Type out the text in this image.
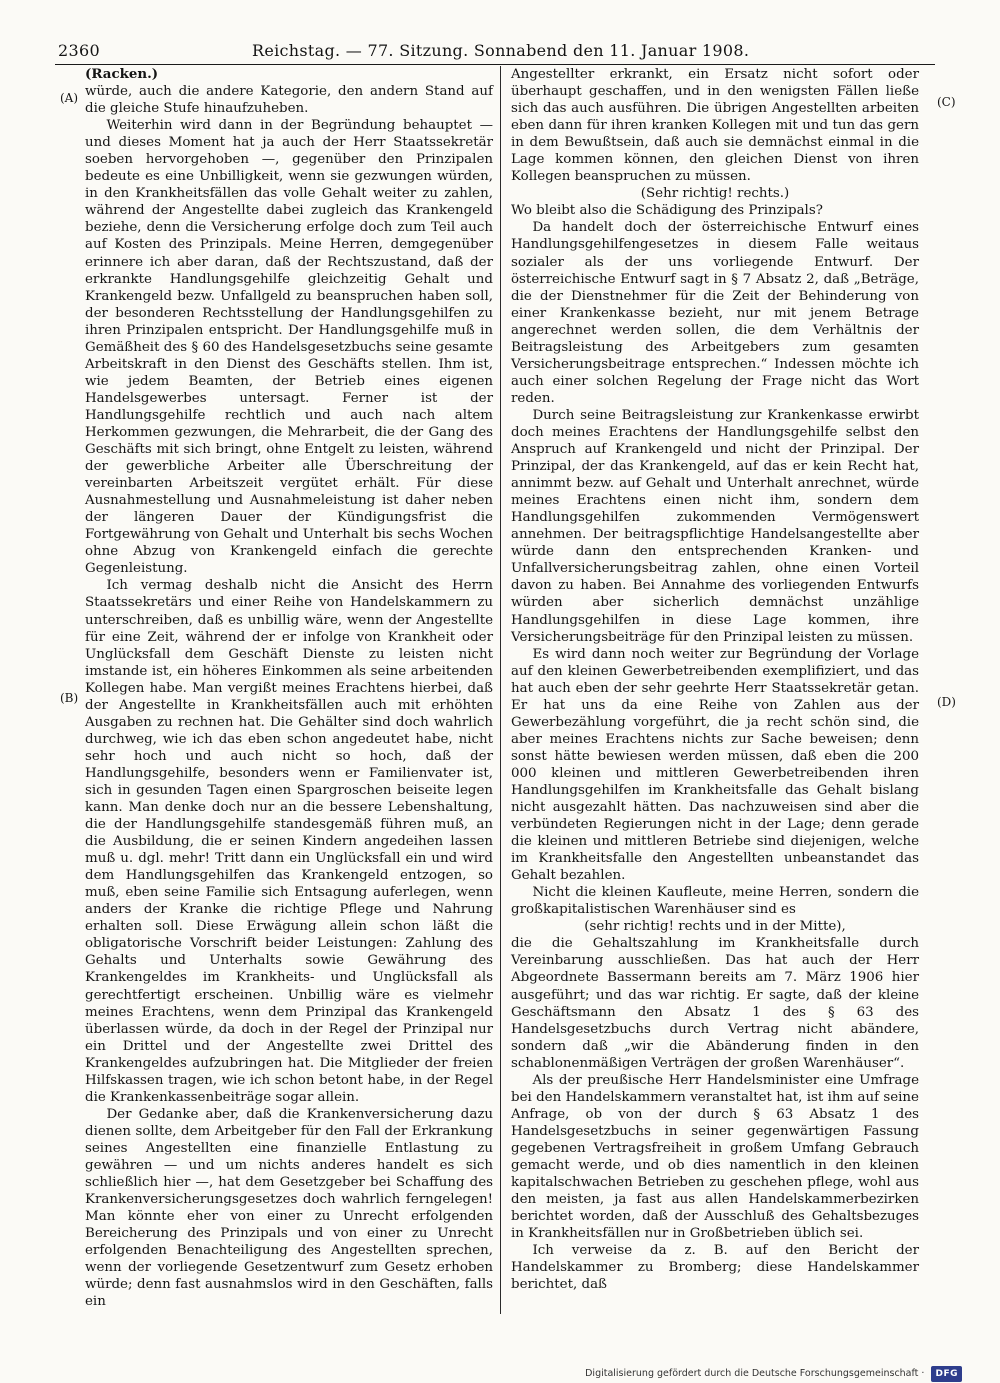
2360	Reichstag. — 77. Sitzung. Sonnabend den 11. Januar 1908.
(A)
(B)
(C)
(D)

(Racken.)

würde, auch die andere Kategorie, den andern Stand auf die gleiche Stufe hinaufzuheben.

Weiterhin wird dann in der Begründung behauptet — und dieses Moment hat ja auch der Herr Staatssekretär soeben hervorgehoben —, gegenüber den Prinzipalen bedeute es eine Unbilligkeit, wenn sie gezwungen würden, in den Krankheitsfällen das volle Gehalt weiter zu zahlen, während der Angestellte dabei zugleich das Krankengeld beziehe, denn die Versicherung erfolge doch zum Teil auch auf Kosten des Prinzipals. Meine Herren, demgegenüber erinnere ich aber daran, daß der Rechtszustand, daß der erkrankte Handlungsgehilfe gleichzeitig Gehalt und Krankengeld bezw. Unfallgeld zu beanspruchen haben soll, der besonderen Rechtsstellung der Handlungsgehilfen zu ihren Prinzipalen entspricht. Der Handlungsgehilfe muß in Gemäßheit des § 60 des Handelsgesetzbuchs seine gesamte Arbeitskraft in den Dienst des Geschäfts stellen. Ihm ist, wie jedem Beamten, der Betrieb eines eigenen Handelsgewerbes untersagt. Ferner ist der Handlungsgehilfe rechtlich und auch nach altem Herkommen gezwungen, die Mehrarbeit, die der Gang des Geschäfts mit sich bringt, ohne Entgelt zu leisten, während der gewerbliche Arbeiter alle Überschreitung der vereinbarten Arbeitszeit vergütet erhält. Für diese Ausnahmestellung und Ausnahmeleistung ist daher neben der längeren Dauer der Kündigungsfrist die Fortgewährung von Gehalt und Unterhalt bis sechs Wochen ohne Abzug von Krankengeld einfach die gerechte Gegenleistung.

Ich vermag deshalb nicht die Ansicht des Herrn Staatssekretärs und einer Reihe von Handelskammern zu unterschreiben, daß es unbillig wäre, wenn der Angestellte für eine Zeit, während der er infolge von Krankheit oder Unglücksfall dem Geschäft Dienste zu leisten nicht imstande ist, ein höheres Einkommen als seine arbeitenden Kollegen habe. Man vergißt meines Erachtens hierbei, daß der Angestellte in Krankheitsfällen auch mit erhöhten Ausgaben zu rechnen hat. Die Gehälter sind doch wahrlich durchweg, wie ich das eben schon angedeutet habe, nicht sehr hoch und auch nicht so hoch, daß der Handlungsgehilfe, besonders wenn er Familienvater ist, sich in gesunden Tagen einen Spargroschen beiseite legen kann. Man denke doch nur an die bessere Lebenshaltung, die der Handlungsgehilfe standesgemäß führen muß, an die Ausbildung, die er seinen Kindern angedeihen lassen muß u. dgl. mehr! Tritt dann ein Unglücksfall ein und wird dem Handlungsgehilfen das Krankengeld entzogen, so muß, eben seine Familie sich Entsagung auferlegen, wenn anders der Kranke die richtige Pflege und Nahrung erhalten soll. Diese Erwägung allein schon läßt die obligatorische Vorschrift beider Leistungen: Zahlung des Gehalts und Unterhalts sowie Gewährung des Krankengeldes im Krankheits- und Unglücksfall als gerechtfertigt erscheinen. Unbillig wäre es vielmehr meines Erachtens, wenn dem Prinzipal das Krankengeld überlassen würde, da doch in der Regel der Prinzipal nur ein Drittel und der Angestellte zwei Drittel des Krankengeldes aufzubringen hat. Die Mitglieder der freien Hilfskassen tragen, wie ich schon betont habe, in der Regel die Krankenkassenbeiträge sogar allein.

Der Gedanke aber, daß die Krankenversicherung dazu dienen sollte, dem Arbeitgeber für den Fall der Erkrankung seines Angestellten eine finanzielle Entlastung zu gewähren — und um nichts anderes handelt es sich schließlich hier —, hat dem Gesetzgeber bei Schaffung des Krankenversicherungsgesetzes doch wahrlich ferngelegen! Man könnte eher von einer zu Unrecht erfolgenden Bereicherung des Prinzipals und von einer zu Unrecht erfolgenden Benachteiligung des Angestellten sprechen, wenn der vorliegende Gesetzentwurf zum Gesetz erhoben würde; denn fast ausnahmslos wird in den Geschäften, falls ein

Angestellter erkrankt, ein Ersatz nicht sofort oder überhaupt geschaffen, und in den wenigsten Fällen ließe sich das auch ausführen. Die übrigen Angestellten arbeiten eben dann für ihren kranken Kollegen mit und tun das gern in dem Bewußtsein, daß auch sie demnächst einmal in die Lage kommen können, den gleichen Dienst von ihren Kollegen beanspruchen zu müssen.

(Sehr richtig! rechts.)

Wo bleibt also die Schädigung des Prinzipals?

Da handelt doch der österreichische Entwurf eines Handlungsgehilfengesetzes in diesem Falle weitaus sozialer als der uns vorliegende Entwurf. Der österreichische Entwurf sagt in § 7 Absatz 2, daß „Beträge, die der Dienstnehmer für die Zeit der Behinderung von einer Krankenkasse bezieht, nur mit jenem Betrage angerechnet werden sollen, die dem Verhältnis der Beitragsleistung des Arbeitgebers zum gesamten Versicherungsbeitrage entsprechen.“ Indessen möchte ich auch einer solchen Regelung der Frage nicht das Wort reden.

Durch seine Beitragsleistung zur Krankenkasse erwirbt doch meines Erachtens der Handlungsgehilfe selbst den Anspruch auf Krankengeld und nicht der Prinzipal. Der Prinzipal, der das Krankengeld, auf das er kein Recht hat, annimmt bezw. auf Gehalt und Unterhalt anrechnet, würde meines Erachtens einen nicht ihm, sondern dem Handlungsgehilfen zukommenden Vermögenswert annehmen. Der beitragspflichtige Handelsangestellte aber würde dann den entsprechenden Kranken- und Unfallversicherungsbeitrag zahlen, ohne einen Vorteil davon zu haben. Bei Annahme des vorliegenden Entwurfs würden aber sicherlich demnächst unzählige Handlungsgehilfen in diese Lage kommen, ihre Versicherungsbeiträge für den Prinzipal leisten zu müssen.

Es wird dann noch weiter zur Begründung der Vorlage auf den kleinen Gewerbetreibenden exemplifiziert, und das hat auch eben der sehr geehrte Herr Staatssekretär getan. Er hat uns da eine Reihe von Zahlen aus der Gewerbezählung vorgeführt, die ja recht schön sind, die aber meines Erachtens nichts zur Sache beweisen; denn sonst hätte bewiesen werden müssen, daß eben die 200 000 kleinen und mittleren Gewerbetreibenden ihren Handlungsgehilfen im Krankheitsfalle das Gehalt bislang nicht ausgezahlt hätten. Das nachzuweisen sind aber die verbündeten Regierungen nicht in der Lage; denn gerade die kleinen und mittleren Betriebe sind diejenigen, welche im Krankheitsfalle den Angestellten unbeanstandet das Gehalt bezahlen.

Nicht die kleinen Kaufleute, meine Herren, sondern die großkapitalistischen Warenhäuser sind es

(sehr richtig! rechts und in der Mitte),

die die Gehaltszahlung im Krankheitsfalle durch Vereinbarung ausschließen. Das hat auch der Herr Abgeordnete Bassermann bereits am 7. März 1906 hier ausgeführt; und das war richtig. Er sagte, daß der kleine Geschäftsmann den Absatz 1 des § 63 des Handelsgesetzbuchs durch Vertrag nicht abändere, sondern daß „wir die Abänderung finden in den schablonenmäßigen Verträgen der großen Warenhäuser“.

Als der preußische Herr Handelsminister eine Umfrage bei den Handelskammern veranstaltet hat, ist ihm auf seine Anfrage, ob von der durch § 63 Absatz 1 des Handelsgesetzbuchs in seiner gegenwärtigen Fassung gegebenen Vertragsfreiheit in großem Umfang Gebrauch gemacht werde, und ob dies namentlich in den kleinen kapitalschwachen Betrieben zu geschehen pflege, wohl aus den meisten, ja fast aus allen Handelskammerbezirken berichtet worden, daß der Ausschluß des Gehaltsbezuges in Krankheitsfällen nur in Großbetrieben üblich sei.

Ich verweise da z. B. auf den Bericht der Handelskammer zu Bromberg; diese Handelskammer berichtet, daß

Digitalisierung gefördert durch die Deutsche Forschungsgemeinschaft · DFG
